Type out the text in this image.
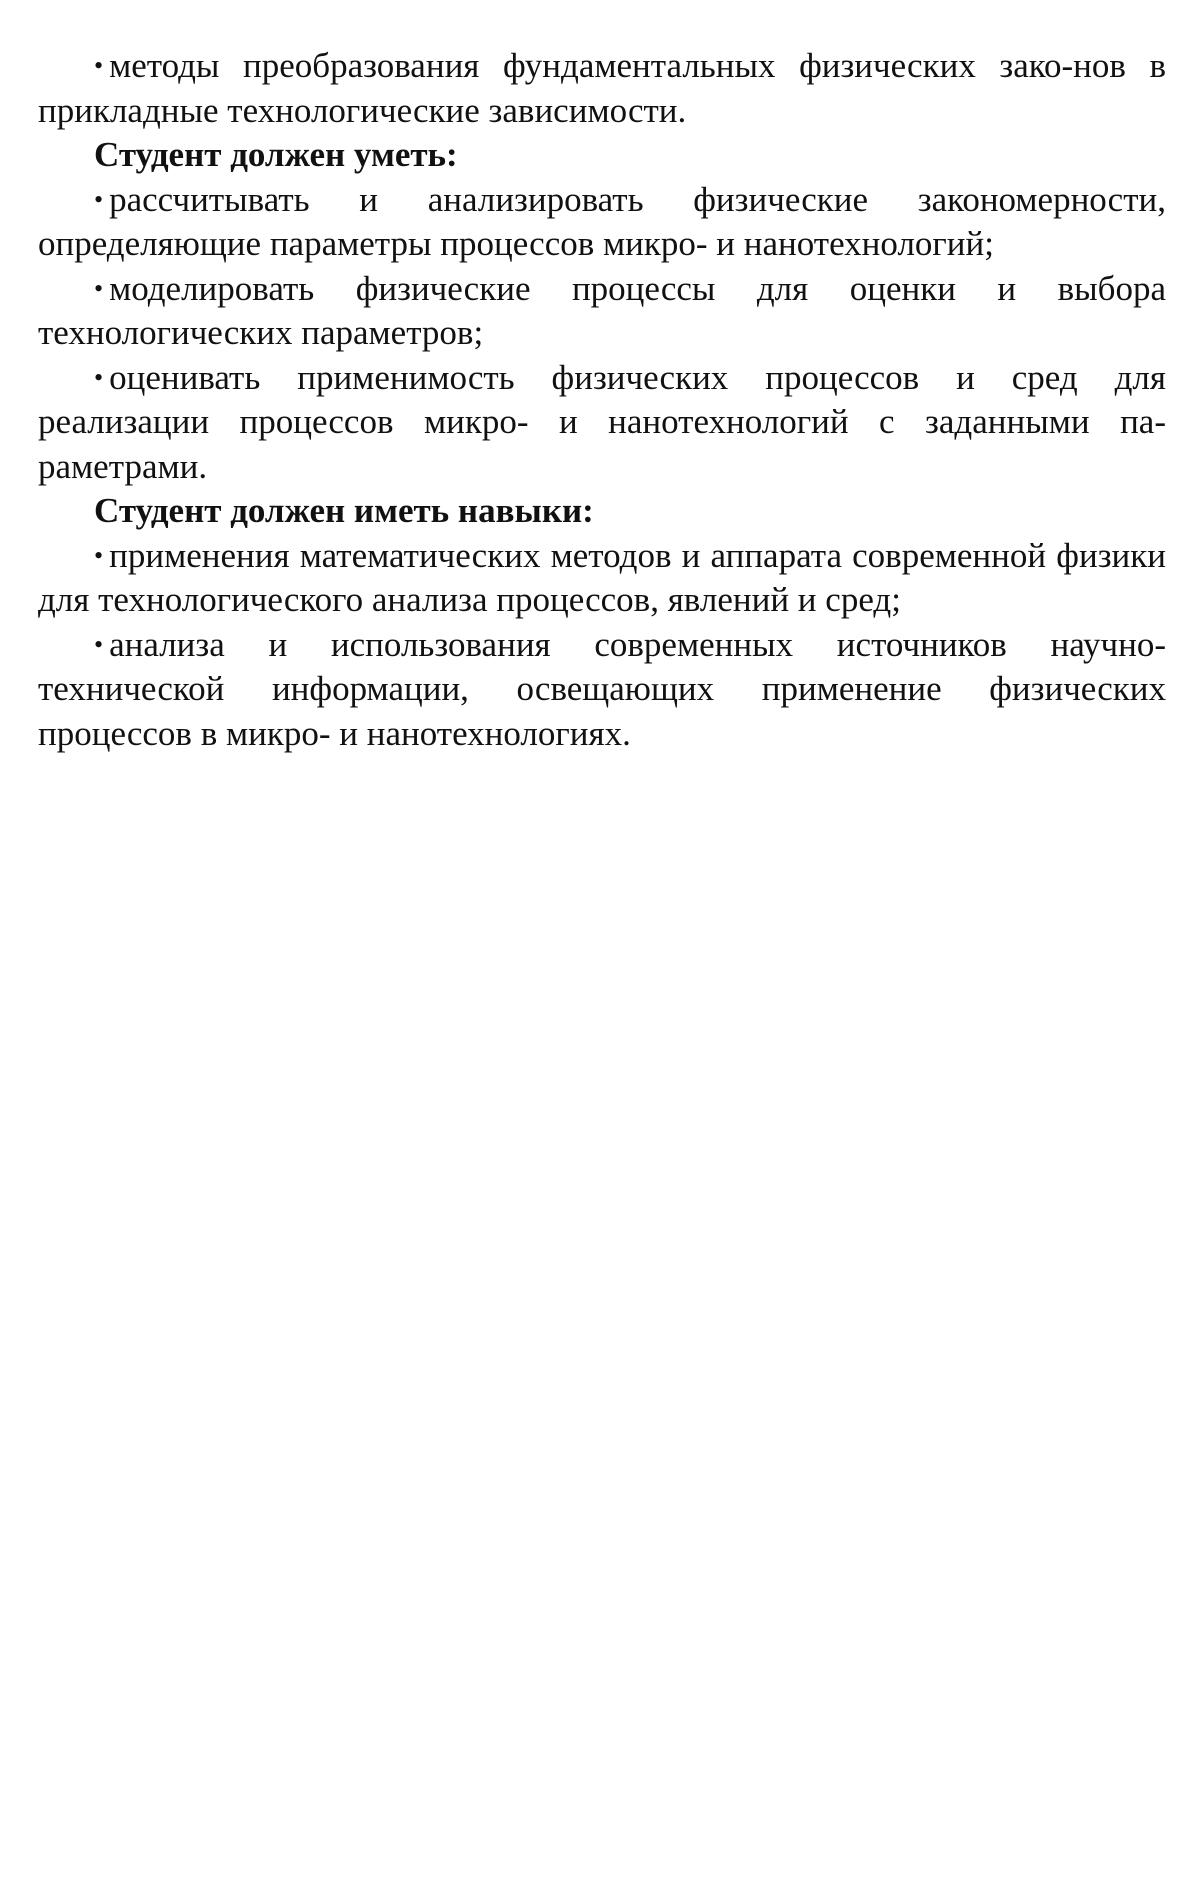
• методы преобразования фундаментальных физических зако-нов в прикладные технологические зависимости.

Студент должен уметь:

• рассчитывать и анализировать физические закономерности, определяющие параметры процессов микро- и нанотехнологий;

• моделировать физические процессы для оценки и выбора технологических параметров;

• оценивать применимость физических процессов и сред для реализации процессов микро- и нанотехнологий с заданными па-раметрами.

Студент должен иметь навыки:

• применения математических методов и аппарата современной физики для технологического анализа процессов, явлений и сред;

• анализа и использования современных источников научно-технической информации, освещающих применение физических процессов в микро- и нанотехнологиях.
